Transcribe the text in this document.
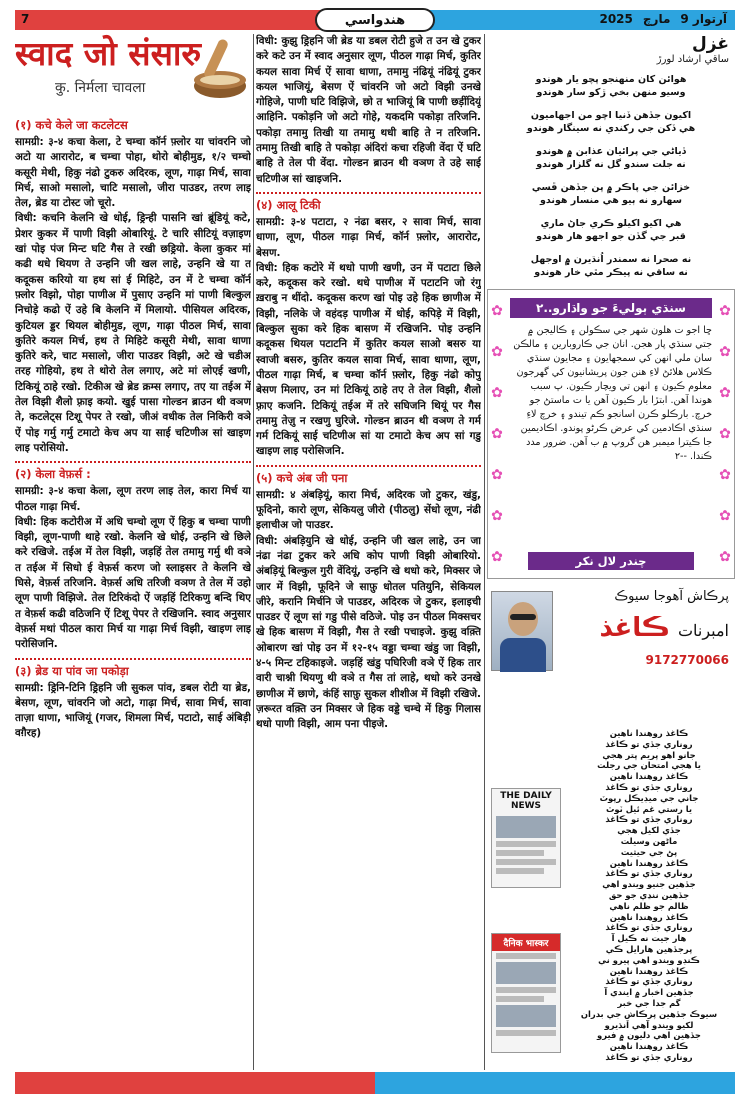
7	هندواسي	2025 مارچ آرتوار 9
स्वाद जो संसारु
कु. निर्मला चावला
(१) कचे केले जा कटलेटस

सामग्री: ३-४ कचा केला, टे चम्चा कॉर्न फ़्लोर या चांवरनि जो अटो या आरारोट, ब चम्चा पोहा, थोरो बोहीमुड, १/२ चम्चो कसूरी मेथी, हिकु नंढो टुकरु अदिरक, लूण, गाढ़ा मिर्च, सावा मिर्च, साओ मसालो, चाटि मसालो, जीरा पाउडर, तरण लाइ तेल, ब्रेड या टोस्ट जो चूरो.

विधी: कचनि केलनि खे धोई, ड्रिन्ही पासनि खां ब्रूंडियूं कटे, प्रेशर कुकर में पाणी विझी ओबारियूं. टे चारि सीटियूं वज़ाइण खां पोइ पंज मिन्ट घटि गैस ते रखी छड्रियो. केला कुकर मां कढी थधे थियण ते उन्हनि जी खल लाहे, उन्हनि खे या त कदूकस करियो या हथ सां ई मिहिटे, उन में टे चम्चा कॉर्न फ़्लोर विझो, पोहा पाणीअ में पुसाए उन्हनि मां पाणी बिल्कुल निचोड़े कढो ऐं उहे बि केलनि में मिलायो. पीसियल अदिरक, कुटियल ड्डर थियल बोहीमुड, लूण, गाढ़ा पीठल मिर्च, सावा कुतिरे कयल मिर्च, हथ ते मिहिटे कसूरी मेथी, सावा धाणा कुतिरे करे, चाट मसालो, जीरा पाउडर विझी, अटे खे चडीअ तरह गोहियो, हथ ते थोरो तेल लगाए, अटे मां लोएई खणी, टिकियूं ठाहे रखो. टिकीअ खे ब्रेड क्रम्स लगाए, तए या तईअ में तेल विझी शैलो फ़्राइ कयो. खुई पासा गोल्डन ब्राउन थी वञण ते, कटलेट्स टिशू पेपर ते रखो, जीअं वधीक तेल निकिरी वञे ऐं पोइ गर्मु गर्मु टमाटो केच अप या साई चटिणीअ सां खाइण लाइ परोसियो.

(२) केला वेफ़र्स :

सामग्री: ३-४ कचा केला, लूण तरण लाइ तेल, कारा मिर्च या पीठल गाढ़ा मिर्च.

विधी: हिक कटोरीअ में अधि चम्चो लूण ऐं हिकु ब चम्चा पाणी विझी, लूण-पाणी थाहे रखो. केलनि खे धोई, उन्हनि खे छिले करे रखिजे. तईअ में तेल विझी, जड़हिं तेल तमामु गर्मु थी वञे त तईअ में सिधो ई वेफ़र्स करण जो स्लाइसर ते केलनि खे घिसे, वेफ़र्स तरिजनि. वेफ़र्स अधि तरिजी वञण ते तेल में उहो लूण पाणी विझिजे. तेल टिरिकंदो ऐं जड़हिं टिरिकणु बन्दि थिए त वेफ़र्स कढी वठिजनि ऐं टिशू पेपर ते रखिजनि. स्वाद अनुसार वेफ़र्स मथां पीठल कारा मिर्च या गाढ़ा मिर्च विझी, खाइण लाइ परोसिजनि.

(३) ब्रेड या पांव जा पकोड़ा

सामग्री: ड्रिनि-टिनि ड्रिहनि जी सुकल पांव, डबल रोटी या ब्रेड, बेसण, लूण, चांवरनि जो अटो, गाढ़ा मिर्च, सावा मिर्च, सावा ताज़ा धाणा, भाजियूं (गजर, शिमला मिर्च, पटाटो, साई अंबिड़ी वग़ैरह)

विधी: कुझु ड्रिहनि जी ब्रेड या डबल रोटी हुजे त उन खे टुकर करे कटे उन में स्वाद अनुसार लूण, पीठल गाढ़ा मिर्च, कुतिर कयल सावा मिर्च ऐं सावा धाणा, तमामु नंढियूं नंढियूं टुकर कयल भाजियूं, बेसण ऐं चांवरनि जो अटो विझी उनखे गोहिजे, पाणी घटि विझिजे, छो त भाजियूं बि पाणी छड़ींदियूं आहिनि. पकोड़नि जो अटो गोहे, यकदमि पकोड़ा तरिजनि. पकोड़ा तमामु तिखी या तमामु थधी बाहि ते न तरिजनि. तमामु तिखी बाहि ते पकोड़ा अंदिरां कचा रहिजी वेंदा ऐं घटि बाहि ते तेल पी वेंदा. गोल्डन ब्राउन थी वञण ते उहे साई चटिणीअ सां खाइजनि.

(४) आलू टिकी

सामग्री: ३-४ पटाटा, २ नंढा बसर, २ सावा मिर्च, सावा धाणा, लूण, पीठल गाढ़ा मिर्च, कॉर्न फ़्लोर, आरारोट, बेसण.

विधी: हिक कटोरे में थधो पाणी खणी, उन में पटाटा छिले करे, कदूकस करे रखो. थधे पाणीअ में पटाटनि जो रंगु ख़राबु न थींदो. कदूकस करण खां पोइ उहे हिक छाणीअ में विझी, नलिके जे वहंदड़ पाणीअ में धोई, कपिड़े में विझी, बिल्कुल सुका करे हिक बासण में रखिजनि. पोइ उन्हनि कदूकस थियल पटाटनि में कुतिर कयल साओ बसरु या स्वाजी बसरु, कुतिर कयल सावा मिर्च, सावा धाणा, लूण, पीठल गाढ़ा मिर्च, ब चम्चा कॉर्न फ़्लोर, हिकु नंढो कोपु बेसण मिलाए, उन मां टिकियूं ठाहे तए ते तेल विझी, शैलो फ़्राए कजनि. टिकियूं तईअ में तरे सघिजनि थियूं पर गैस तमामु तेज़ु न रखणु घुरिजे. गोल्डन ब्राउन थी वञण ते गर्म गर्म टिकियूं साई चटिणीअ सां या टमाटो केच अप सां गडु खाइण लाइ परोसिजनि.

(५) कचे अंब जी पना

सामग्री: ४ अंबड़ियूं, कारा मिर्च, अदिरक जो टुकर, खंडु, फूदिनो, कारो लूण, सेकियलु जीरो (पीठलु) सेंधो लूण, नंढी इलाचीअ जो पाउडर.

विधी: अंबड़ियुनि खे धोई, उन्हनि जी खल लाहे, उन जा नंढा नंढा टुकर करे अधि कोप पाणी विझी ओबारियो. अंबड़ियूं बिल्कुल गुरी वेंदियूं, उन्हनि खे थधो करे, मिक्सर जे जार में विझी, फूदिने जे साफ़ु धोतल पतियुनि, सेकियल जीरे, करानि मिर्चनि जे पाउडर, अदिरक जे टुकर, इलाइची पाउडर ऐं लूण सां गडु पीसे वठिजे. पोइ उन पीठल मिक्सचर खे हिक बासण में विझी, गैस ते रखी पचाइजे. कुझु वक़्ति ओबारण खां पोइ उन में १२-१५ वड्डा चम्चा खंडु जा विझी, ४-५ मिन्ट टहिकाइजे. जड़हिं खंडु पघिरिजी वञे ऐं हिक तार वारी चाश्नी थियणु थी वञे त गैस तां लाहे, थधो करे उनखे छाणीअ में छाणे, कंहिं साफ़ु सुकल शीशीअ में विझी रखिजे. ज़रूरत वक़्ति उन मिक्सर जे हिक वड्डे चम्चे में हिकु गिलास थधो पाणी विझी, आम पना पीइजे.

غزل
ساقي ارشاد لورڙ
هوائن کان منهنجو پچو يار هوندو
وسيو منهن بخي ڙکو سار هوندو
اکيون جڏهن ڏنيا اچو من اجهاميون
هي ڏکن جي رکندي نه سينگار هوندو
ڏياڻي جي پرائيان عذابن ۾ هوندو
نه جلت سندو گل نه گلزار هوندو
خزائن جي پاڪر ۾ پن جڏهن ڦسي
سهارو نه ٻيو هي منسار هوندو
هي اکيو اکيلو ڪري جاڻ ماري
قبر جي گڏن جو اجهو هار هوندو
نه صحرا نه سمندر اُنڌيرن ۾ اوجهل
نه ساقي نه پيڪر مٿي خار هوندو
✿
✿
✿
✿
✿
✿
✿
✿
✿
✿
✿
✿
✿
✿
سنڌي ٻوليءَ جو واڌارو..٢
ڇا اجو ت هلون شهر جي سڪولن ۽ ڪاليجن ۾ جتي سنڌي پار هجن. انان جي ڪاروبارين ۽ مالڪن سان ملي انهن کي سمجهايون ۽ مجايون سنڌي ڪلاس هلائڻ لاءِ هنن جون پريشانيون کي گهرجون معلوم ڪيون ۽ انهن تي ويچار ڪيون. پ سبب هوندا آهن. ابتڙا بار ڪيون آهن يا ت ماستڻ جو خرچ. بارڪلو ڪرن اسانجو ڪم تيندو ۽ خرچ لاءِ سنڌي اڪادمين کي عرض ڪرڻو پوندو. اڪاديمين جا ڪيترا ميمبر هن گروپ ۾ ب آهن. ضرور مدد ڪندا. --٢
چندر لال نکر
پرڪاش آهوجا سيوڪ
ڪاغذ امبرنات
9172770066
THE DAILY NEWS
दैनिक भास्कर
ڪاغذ روهندا ناهين
روناري جڏي تو ڪاغذ
جانو اهو پريم پتر هجي
يا هجي امتحان جي رجلت
ڪاغذ روهندا ناهين
روناري جڏي تو ڪاغذ
جاني جي ميڊيڪل رپوٽ
يا رستي غم ئيل ٽوٽ
روناري جڏي تو ڪاغذ
جڏي لکيل هجي
ماڻهن وسيلت
پڻ جي حيثيت
ڪاغذ روهندا ناهين
روناري جڏي تو ڪاغذ
جڏهين جنيو ويندو اهي
جڏهين ننڍي جو حق
ظالم جو ظلم ناهي
ڪاغذ روهندا ناهين
روناري جڏي تو ڪاغذ
هار جيت نه ڪيل آ
پرجڏهين هارايل ڪي
ڪنڊو ويندو اهي پيرو ني
ڪاغذ روهندا ناهين
روناري جڏي تو ڪاغذ
جڏهين اخبار ۾ ايندي آ
گم جدا جي خبر
سيوڪ جڏهين پرڪاش جي بدران
لکيو ويندو آهي اَنڌيرو
جڏهين اهي دليون ۾ فيرو
ڪاغذ روهندا ناهين
روناري جڏي تو ڪاغذ
